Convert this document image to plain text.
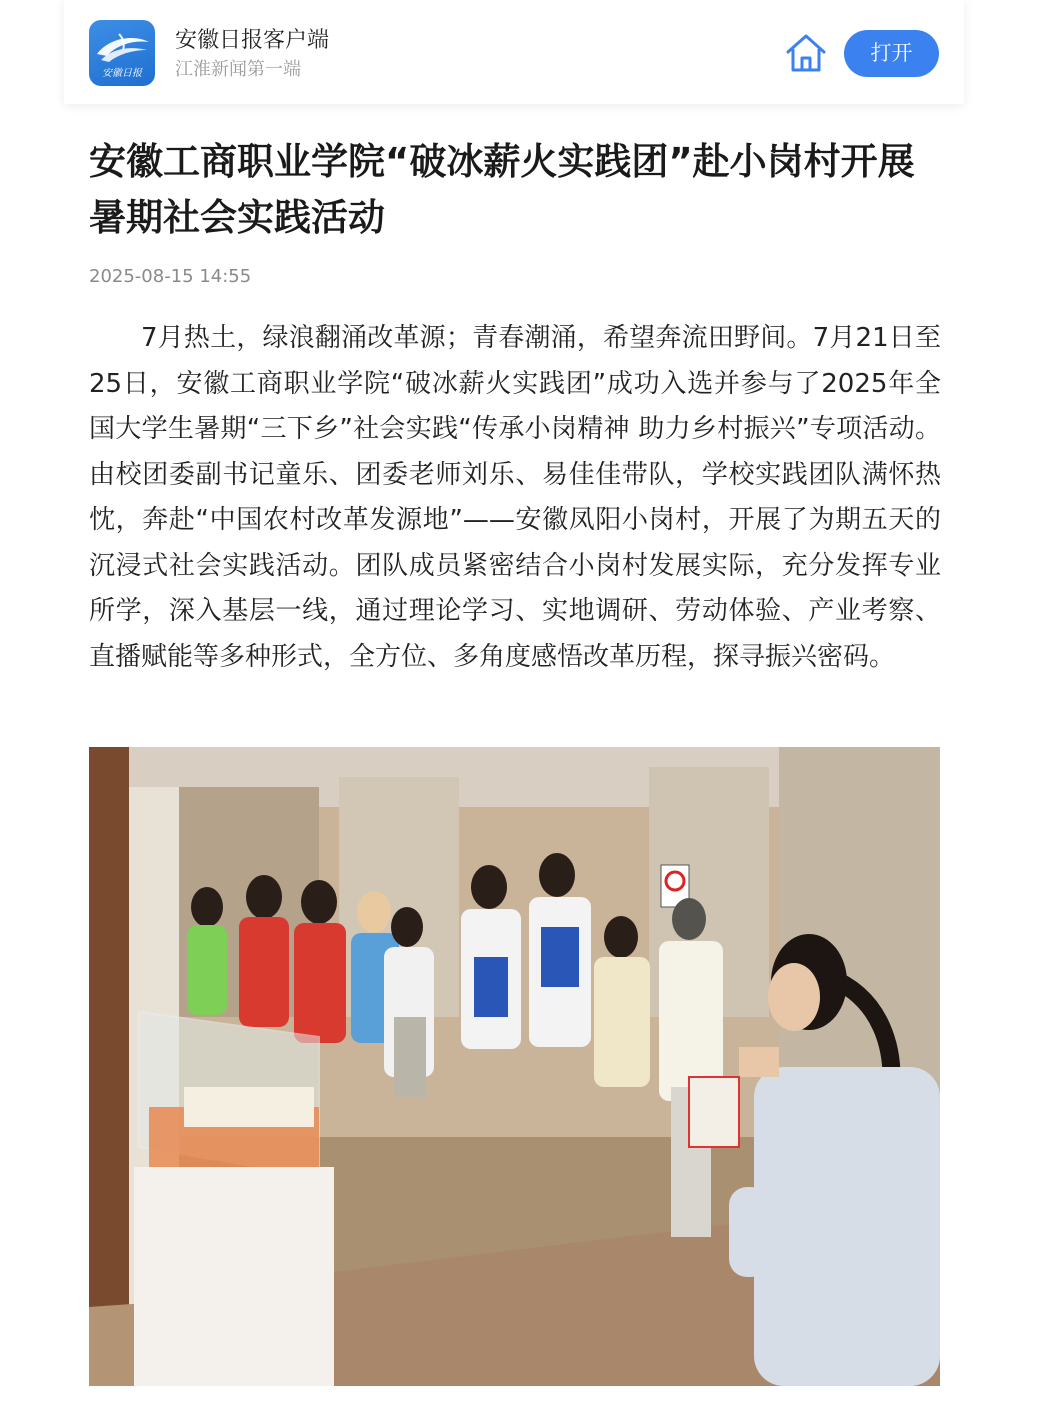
安徽日报
安徽日报客户端
江淮新闻第一端
打开
安徽工商职业学院“破冰薪火实践团”赴小岗村开展暑期社会实践活动
2025-08-15 14:55

7月热土，绿浪翻涌改革源；青春潮涌，希望奔流田野间。7月21日至25日，安徽工商职业学院“破冰薪火实践团”成功入选并参与了2025年全国大学生暑期“三下乡”社会实践“传承小岗精神 助力乡村振兴”专项活动。由校团委副书记童乐、团委老师刘乐、易佳佳带队，学校实践团队满怀热忱，奔赴“中国农村改革发源地”——安徽凤阳小岗村，开展了为期五天的沉浸式社会实践活动。团队成员紧密结合小岗村发展实际，充分发挥专业所学，深入基层一线，通过理论学习、实地调研、劳动体验、产业考察、直播赋能等多种形式，全方位、多角度感悟改革历程，探寻振兴密码。
